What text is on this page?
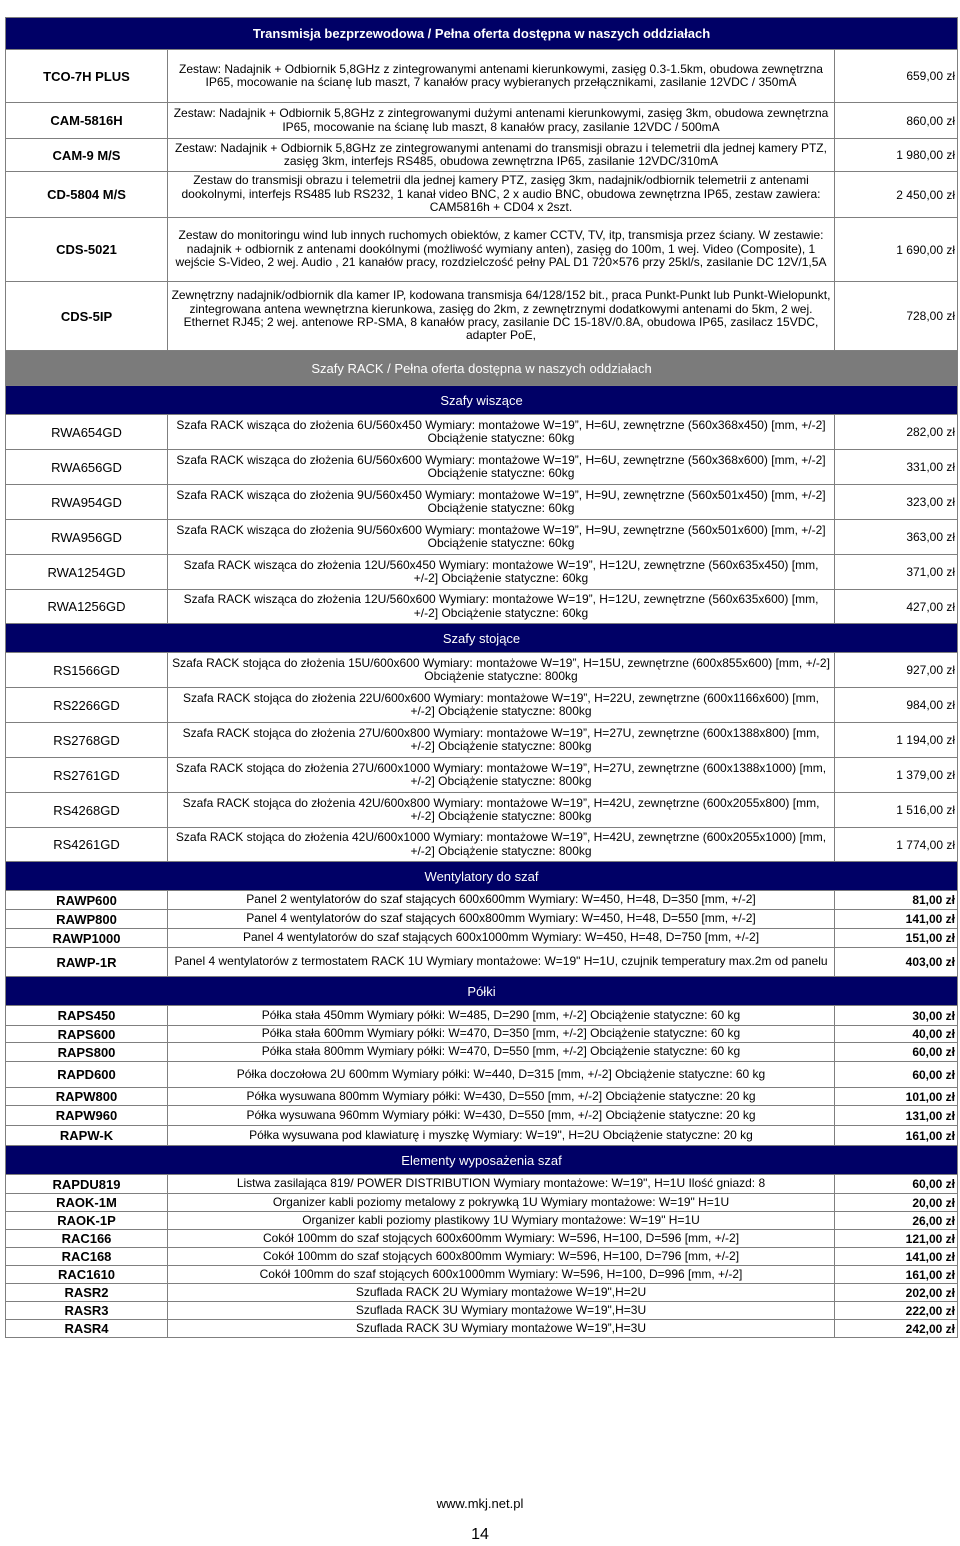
Transmisja bezprzewodowa / Pełna oferta dostępna w naszych oddziałach		
TCO-7H PLUS	Zestaw: Nadajnik + Odbiornik 5,8GHz z zintegrowanymi antenami kierunkowymi, zasięg 0.3-1.5km, obudowa zewnętrzna IP65, mocowanie na ścianę lub maszt, 7 kanałów pracy wybieranych przełącznikami, zasilanie 12VDC / 350mA	659,00 zł
CAM-5816H	Zestaw: Nadajnik + Odbiornik 5,8GHz z zintegrowanymi dużymi antenami kierunkowymi, zasięg 3km, obudowa zewnętrzna IP65, mocowanie na ścianę lub maszt, 8 kanałów pracy, zasilanie 12VDC / 500mA	860,00 zł
CAM-9 M/S	Zestaw: Nadajnik + Odbiornik 5,8GHz ze zintegrowanymi antenami do transmisji obrazu i telemetrii dla jednej kamery PTZ, zasięg 3km, interfejs RS485, obudowa zewnętrzna IP65, zasilanie 12VDC/310mA	1 980,00 zł
CD-5804 M/S	Zestaw do transmisji obrazu i telemetrii dla jednej kamery PTZ, zasięg 3km, nadajnik/odbiornik telemetrii z antenami dookolnymi, interfejs RS485 lub RS232, 1 kanał video BNC, 2 x audio BNC, obudowa zewnętrzna IP65, zestaw zawiera: CAM5816h + CD04 x 2szt.	2 450,00 zł
CDS-5021	Zestaw do monitoringu wind lub innych ruchomych obiektów, z kamer CCTV, TV, itp, transmisja przez ściany. W zestawie: nadajnik + odbiornik z antenami dookólnymi (możliwość wymiany anten), zasięg do 100m, 1 wej. Video (Composite), 1 wejście S-Video, 2 wej. Audio , 21 kanałów pracy, rozdzielczość pełny PAL D1 720×576 przy 25kl/s, zasilanie DC 12V/1,5A	1 690,00 zł
CDS-5IP	Zewnętrzny nadajnik/odbiornik dla kamer IP, kodowana transmisja 64/128/152 bit., praca Punkt-Punkt lub Punkt-Wielopunkt, zintegrowana antena wewnętrzna kierunkowa, zasięg do 2km, z zewnętrznymi dodatkowymi antenami do 5km, 2 wej. Ethernet RJ45; 2 wej. antenowe RP-SMA, 8 kanałów pracy, zasilanie DC 15-18V/0.8A, obudowa IP65, zasilacz 15VDC, adapter PoE,	728,00 zł
Szafy RACK / Pełna oferta dostępna w naszych oddziałach		
Szafy wiszące		
RWA654GD	Szafa RACK wisząca do złożenia 6U/560x450 Wymiary: montażowe W=19”, H=6U, zewnętrzne (560x368x450) [mm, +/-2] Obciążenie statyczne: 60kg	282,00 zł
RWA656GD	Szafa RACK wisząca do złożenia 6U/560x600 Wymiary: montażowe W=19”, H=6U, zewnętrzne (560x368x600) [mm, +/-2] Obciążenie statyczne: 60kg	331,00 zł
RWA954GD	Szafa RACK wisząca do złożenia 9U/560x450 Wymiary: montażowe W=19”, H=9U, zewnętrzne (560x501x450) [mm, +/-2] Obciążenie statyczne: 60kg	323,00 zł
RWA956GD	Szafa RACK wisząca do złożenia 9U/560x600 Wymiary: montażowe W=19”, H=9U, zewnętrzne (560x501x600) [mm, +/-2] Obciążenie statyczne: 60kg	363,00 zł
RWA1254GD	Szafa RACK wisząca do złożenia 12U/560x450 Wymiary: montażowe W=19”, H=12U, zewnętrzne (560x635x450) [mm, +/-2] Obciążenie statyczne: 60kg	371,00 zł
RWA1256GD	Szafa RACK wisząca do złożenia 12U/560x600 Wymiary: montażowe W=19”, H=12U, zewnętrzne (560x635x600) [mm, +/-2] Obciążenie statyczne: 60kg	427,00 zł
Szafy stojące		
RS1566GD	Szafa RACK stojąca do złożenia 15U/600x600 Wymiary: montażowe W=19”, H=15U, zewnętrzne (600x855x600) [mm, +/-2] Obciążenie statyczne: 800kg	927,00 zł
RS2266GD	Szafa RACK stojąca do złożenia 22U/600x600 Wymiary: montażowe W=19”, H=22U, zewnętrzne (600x1166x600) [mm, +/-2] Obciążenie statyczne: 800kg	984,00 zł
RS2768GD	Szafa RACK stojąca do złożenia 27U/600x800 Wymiary: montażowe W=19”, H=27U, zewnętrzne (600x1388x800) [mm, +/-2] Obciążenie statyczne: 800kg	1 194,00 zł
RS2761GD	Szafa RACK stojąca do złożenia 27U/600x1000 Wymiary: montażowe W=19”, H=27U, zewnętrzne (600x1388x1000) [mm, +/-2] Obciążenie statyczne: 800kg	1 379,00 zł
RS4268GD	Szafa RACK stojąca do złożenia 42U/600x800 Wymiary: montażowe W=19”, H=42U, zewnętrzne (600x2055x800) [mm, +/-2] Obciążenie statyczne: 800kg	1 516,00 zł
RS4261GD	Szafa RACK stojąca do złożenia 42U/600x1000 Wymiary: montażowe W=19”, H=42U, zewnętrzne (600x2055x1000) [mm, +/-2] Obciążenie statyczne: 800kg	1 774,00 zł
Wentylatory do szaf		
RAWP600	Panel 2 wentylatorów do szaf stających 600x600mm Wymiary: W=450, H=48, D=350 [mm, +/-2]	81,00 zł
RAWP800	Panel 4 wentylatorów do szaf stających 600x800mm Wymiary: W=450, H=48, D=550 [mm, +/-2]	141,00 zł
RAWP1000	Panel 4 wentylatorów do szaf stających 600x1000mm Wymiary: W=450, H=48, D=750 [mm, +/-2]	151,00 zł
RAWP-1R	Panel 4 wentylatorów z termostatem RACK 1U Wymiary montażowe: W=19" H=1U, czujnik temperatury max.2m od panelu	403,00 zł
Półki		
RAPS450	Półka stała 450mm Wymiary półki: W=485, D=290 [mm, +/-2] Obciążenie statyczne: 60 kg	30,00 zł
RAPS600	Półka stała 600mm Wymiary półki: W=470, D=350 [mm, +/-2] Obciążenie statyczne: 60 kg	40,00 zł
RAPS800	Półka stała 800mm Wymiary półki: W=470, D=550 [mm, +/-2] Obciążenie statyczne: 60 kg	60,00 zł
RAPD600	Półka doczołowa 2U 600mm Wymiary półki: W=440, D=315 [mm, +/-2] Obciążenie statyczne: 60 kg	60,00 zł
RAPW800	Półka wysuwana 800mm Wymiary półki: W=430, D=550 [mm, +/-2] Obciążenie statyczne: 20 kg	101,00 zł
RAPW960	Półka wysuwana 960mm Wymiary półki: W=430, D=550 [mm, +/-2] Obciążenie statyczne: 20 kg	131,00 zł
RAPW-K	Półka wysuwana pod klawiaturę i myszkę Wymiary: W=19", H=2U Obciążenie statyczne: 20 kg	161,00 zł
Elementy wyposażenia szaf		
RAPDU819	Listwa zasilająca 819/ POWER DISTRIBUTION Wymiary montażowe: W=19", H=1U Ilość gniazd: 8	60,00 zł
RAOK-1M	Organizer kabli poziomy metalowy z pokrywką 1U Wymiary montażowe: W=19" H=1U	20,00 zł
RAOK-1P	Organizer kabli poziomy plastikowy 1U Wymiary montażowe: W=19" H=1U	26,00 zł
RAC166	Cokół 100mm do szaf stojących 600x600mm Wymiary: W=596, H=100, D=596 [mm, +/-2]	121,00 zł
RAC168	Cokół 100mm do szaf stojących 600x800mm Wymiary: W=596, H=100, D=796 [mm, +/-2]	141,00 zł
RAC1610	Cokół 100mm do szaf stojących 600x1000mm Wymiary: W=596, H=100, D=996 [mm, +/-2]	161,00 zł
RASR2	Szuflada RACK 2U Wymiary montażowe W=19",H=2U	202,00 zł
RASR3	Szuflada RACK 3U Wymiary montażowe W=19",H=3U	222,00 zł
RASR4	Szuflada RACK 3U Wymiary montażowe W=19”,H=3U	242,00 zł
www.mkj.net.pl
14
